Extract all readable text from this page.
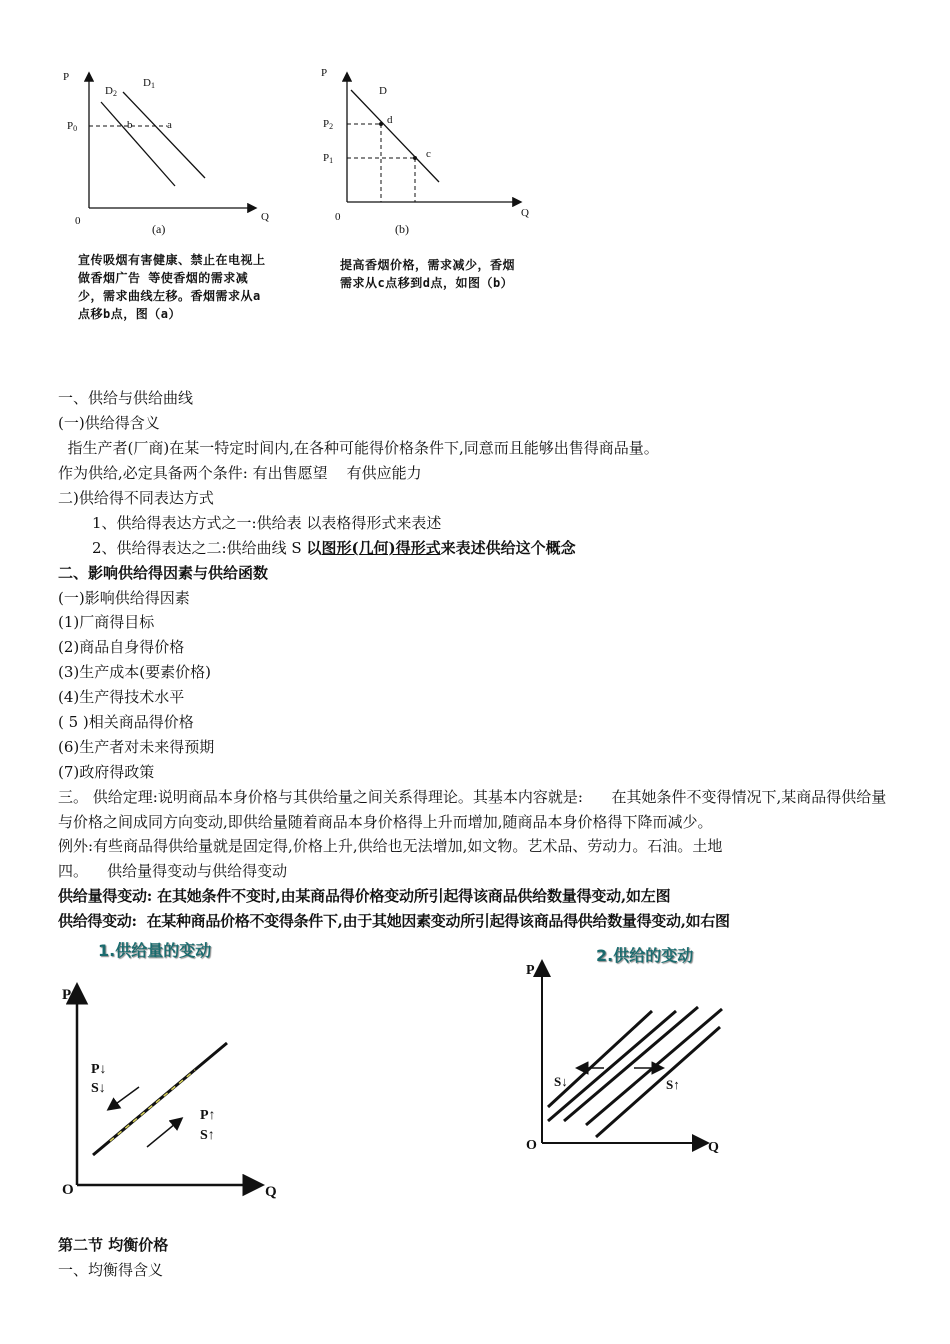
P
Q
0
P0
D2
D1
b	a
(a)
宣传吸烟有害健康、禁止在电视上
做香烟广告 等使香烟的需求减
少，需求曲线左移。香烟需求从a
点移b点，图（a）
P
Q
0
D
P2
P1
d
c
(b)
提高香烟价格，需求减少，香烟
需求从c点移到d点，如图（b）
一、供给与供给曲线
(一)供给得含义
指生产者(厂商)在某一特定时间内,在各种可能得价格条件下,同意而且能够出售得商品量。
作为供给,必定具备两个条件: 有出售愿望    有供应能力
二)供给得不同表达方式
1、供给得表达方式之一:供给表 以表格得形式来表述
2、供给得表达之二:供给曲线 S 以图形(几何)得形式来表述供给这个概念
二、影响供给得因素与供给函数
(一)影响供给得因素
(1)厂商得目标
(2)商品自身得价格
(3)生产成本(要素价格)
(4)生产得技术水平
( 5 )相关商品得价格
(6)生产者对未来得预期
(7)政府得政策
三。 供给定理:说明商品本身价格与其供给量之间关系得理论。其基本内容就是:      在其她条件不变得情况下,某商品得供给量与价格之间成同方向变动,即供给量随着商品本身价格得上升而增加,随商品本身价格得下降而减少。
例外:有些商品得供给量就是固定得,价格上升,供给也无法增加,如文物。艺术品、劳动力。石油。土地
四。    供给量得变动与供给得变动
供给量得变动: 在其她条件不变时,由某商品得价格变动所引起得该商品供给数量得变动,如左图
供给得变动:  在某种商品价格不变得条件下,由于其她因素变动所引起得该商品得供给数量得变动,如右图
1.供给量的变动
P
Q
O
P↓
S↓
P↑
S↑
2.供给的变动
P
Q
O
S↓	S↑
第二节 均衡价格
一、均衡得含义
